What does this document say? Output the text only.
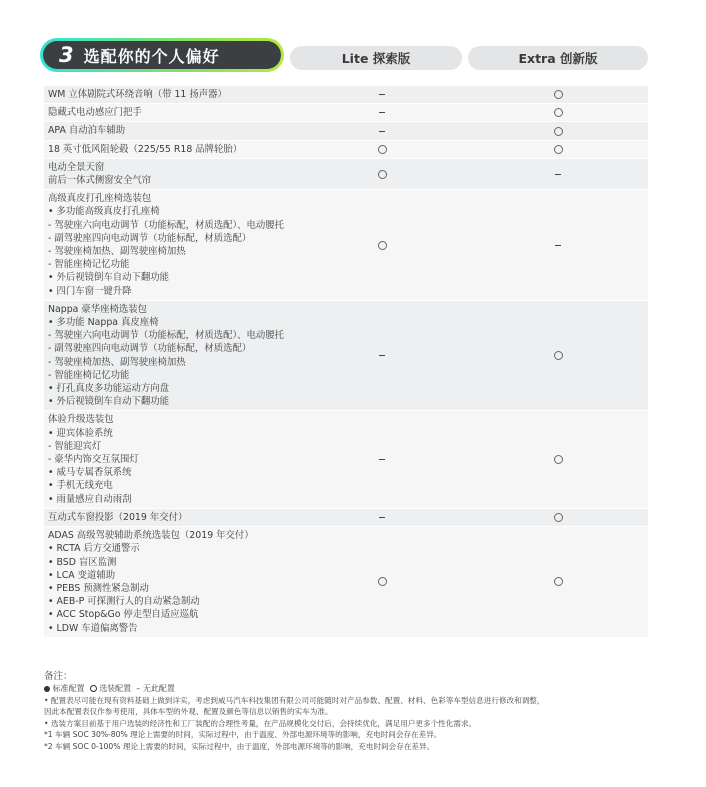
3 选配你的个人偏好	Lite 探索版	Extra 创新版
WM 立体剧院式环绕音响（带 11 扬声器）
隐藏式电动感应门把手
APA 自动泊车辅助
18 英寸低风阻轮毂（225/55 R18 品牌轮胎）
电动全景天窗
前后一体式侧窗安全气帘
高级真皮打孔座椅选装包
• 多功能高级真皮打孔座椅
- 驾驶座六向电动调节（功能标配，材质选配）、电动腰托
- 副驾驶座四向电动调节（功能标配，材质选配）
- 驾驶座椅加热、副驾驶座椅加热
- 智能座椅记忆功能
• 外后视镜倒车自动下翻功能
• 四门车窗一键升降
Nappa 豪华座椅选装包
• 多功能 Nappa 真皮座椅
- 驾驶座六向电动调节（功能标配，材质选配）、电动腰托
- 副驾驶座四向电动调节（功能标配，材质选配）
- 驾驶座椅加热、副驾驶座椅加热
- 智能座椅记忆功能
• 打孔真皮多功能运动方向盘
• 外后视镜倒车自动下翻功能
体验升级选装包
• 迎宾体验系统
- 智能迎宾灯
- 豪华内饰交互氛围灯
• 威马专属香氛系统
• 手机无线充电
• 雨量感应自动雨刮
互动式车窗投影（2019 年交付）
ADAS 高级驾驶辅助系统选装包（2019 年交付）
• RCTA 后方交通警示
• BSD 盲区监测
• LCA 变道辅助
• PEBS 预测性紧急制动
• AEB-P 可探测行人的自动紧急制动
• ACC Stop&Go 停走型自适应巡航
• LDW 车道偏离警告
备注：
标准配置 选装配置 – 无此配置
• 配置表尽可能在现有资料基础上做到详实，考虑到威马汽车科技集团有限公司可能随时对产品参数、配置、材料、色彩等车型信息进行修改和调整，
因此本配置表仅作参考使用，具体车型的外观、配置及颜色等信息以销售的实车为准。
• 选装方案目前基于用户选装的经济性和工厂装配的合理性考量，在产品规模化交付后，会持续优化，满足用户更多个性化需求。
*1 车辆 SOC 30%-80% 理论上需要的时间，实际过程中，由于温度、外部电源环境等的影响，充电时间会存在差异。
*2 车辆 SOC 0-100% 理论上需要的时间，实际过程中，由于温度，外部电源环境等的影响，充电时间会存在差异。
